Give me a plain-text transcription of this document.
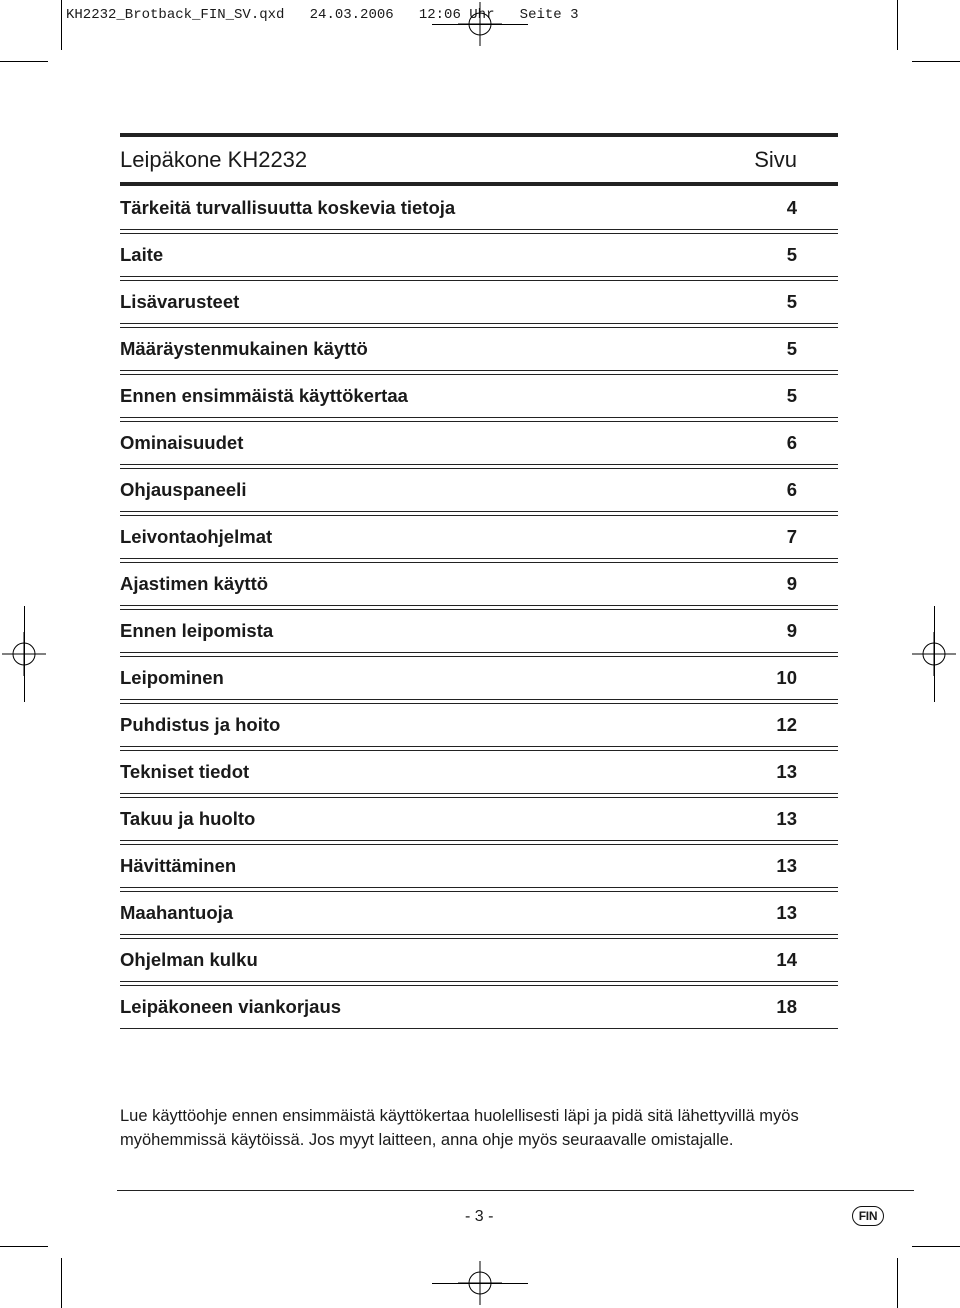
KH2232_Brotback_FIN_SV.qxd   24.03.2006   12:06 Uhr   Seite 3
Leipäkone KH2232	Sivu
Tärkeitä turvallisuutta koskevia tietoja	4
Laite	5
Lisävarusteet	5
Määräystenmukainen käyttö	5
Ennen ensimmäistä käyttökertaa	5
Ominaisuudet	6
Ohjauspaneeli	6
Leivontaohjelmat	7
Ajastimen käyttö	9
Ennen leipomista	9
Leipominen	10
Puhdistus ja hoito	12
Tekniset tiedot	13
Takuu ja huolto	13
Hävittäminen	13
Maahantuoja	13
Ohjelman kulku	14
Leipäkoneen viankorjaus	18
Lue käyttöohje ennen ensimmäistä käyttökertaa huolellisesti läpi ja pidä sitä lähettyvillä myös myöhemmissä käytöissä. Jos myyt laitteen, anna ohje myös seuraavalle omistajalle.
- 3 -	FIN
